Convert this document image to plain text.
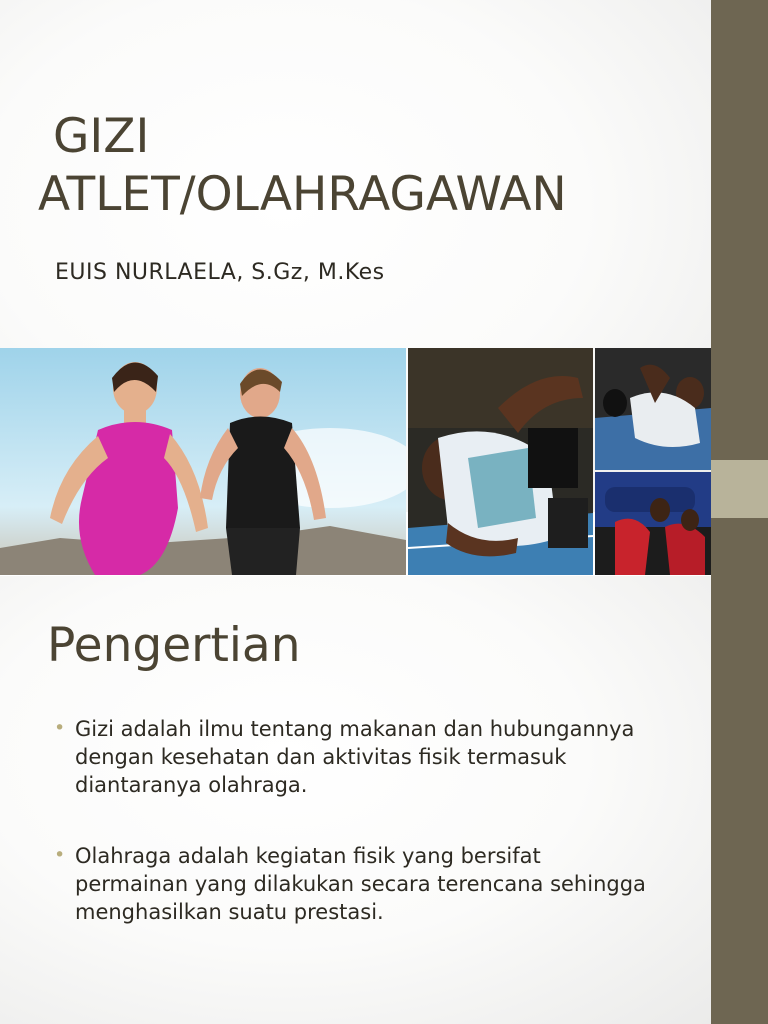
GIZI
ATLET/OLAHRAGAWAN
EUIS NURLAELA, S.Gz, M.Kes
Pengertian
• Gizi adalah ilmu tentang makanan dan hubungannya dengan kesehatan dan aktivitas fisik termasuk diantaranya olahraga.
• Olahraga adalah kegiatan fisik yang bersifat permainan yang dilakukan secara terencana sehingga menghasilkan suatu prestasi.
